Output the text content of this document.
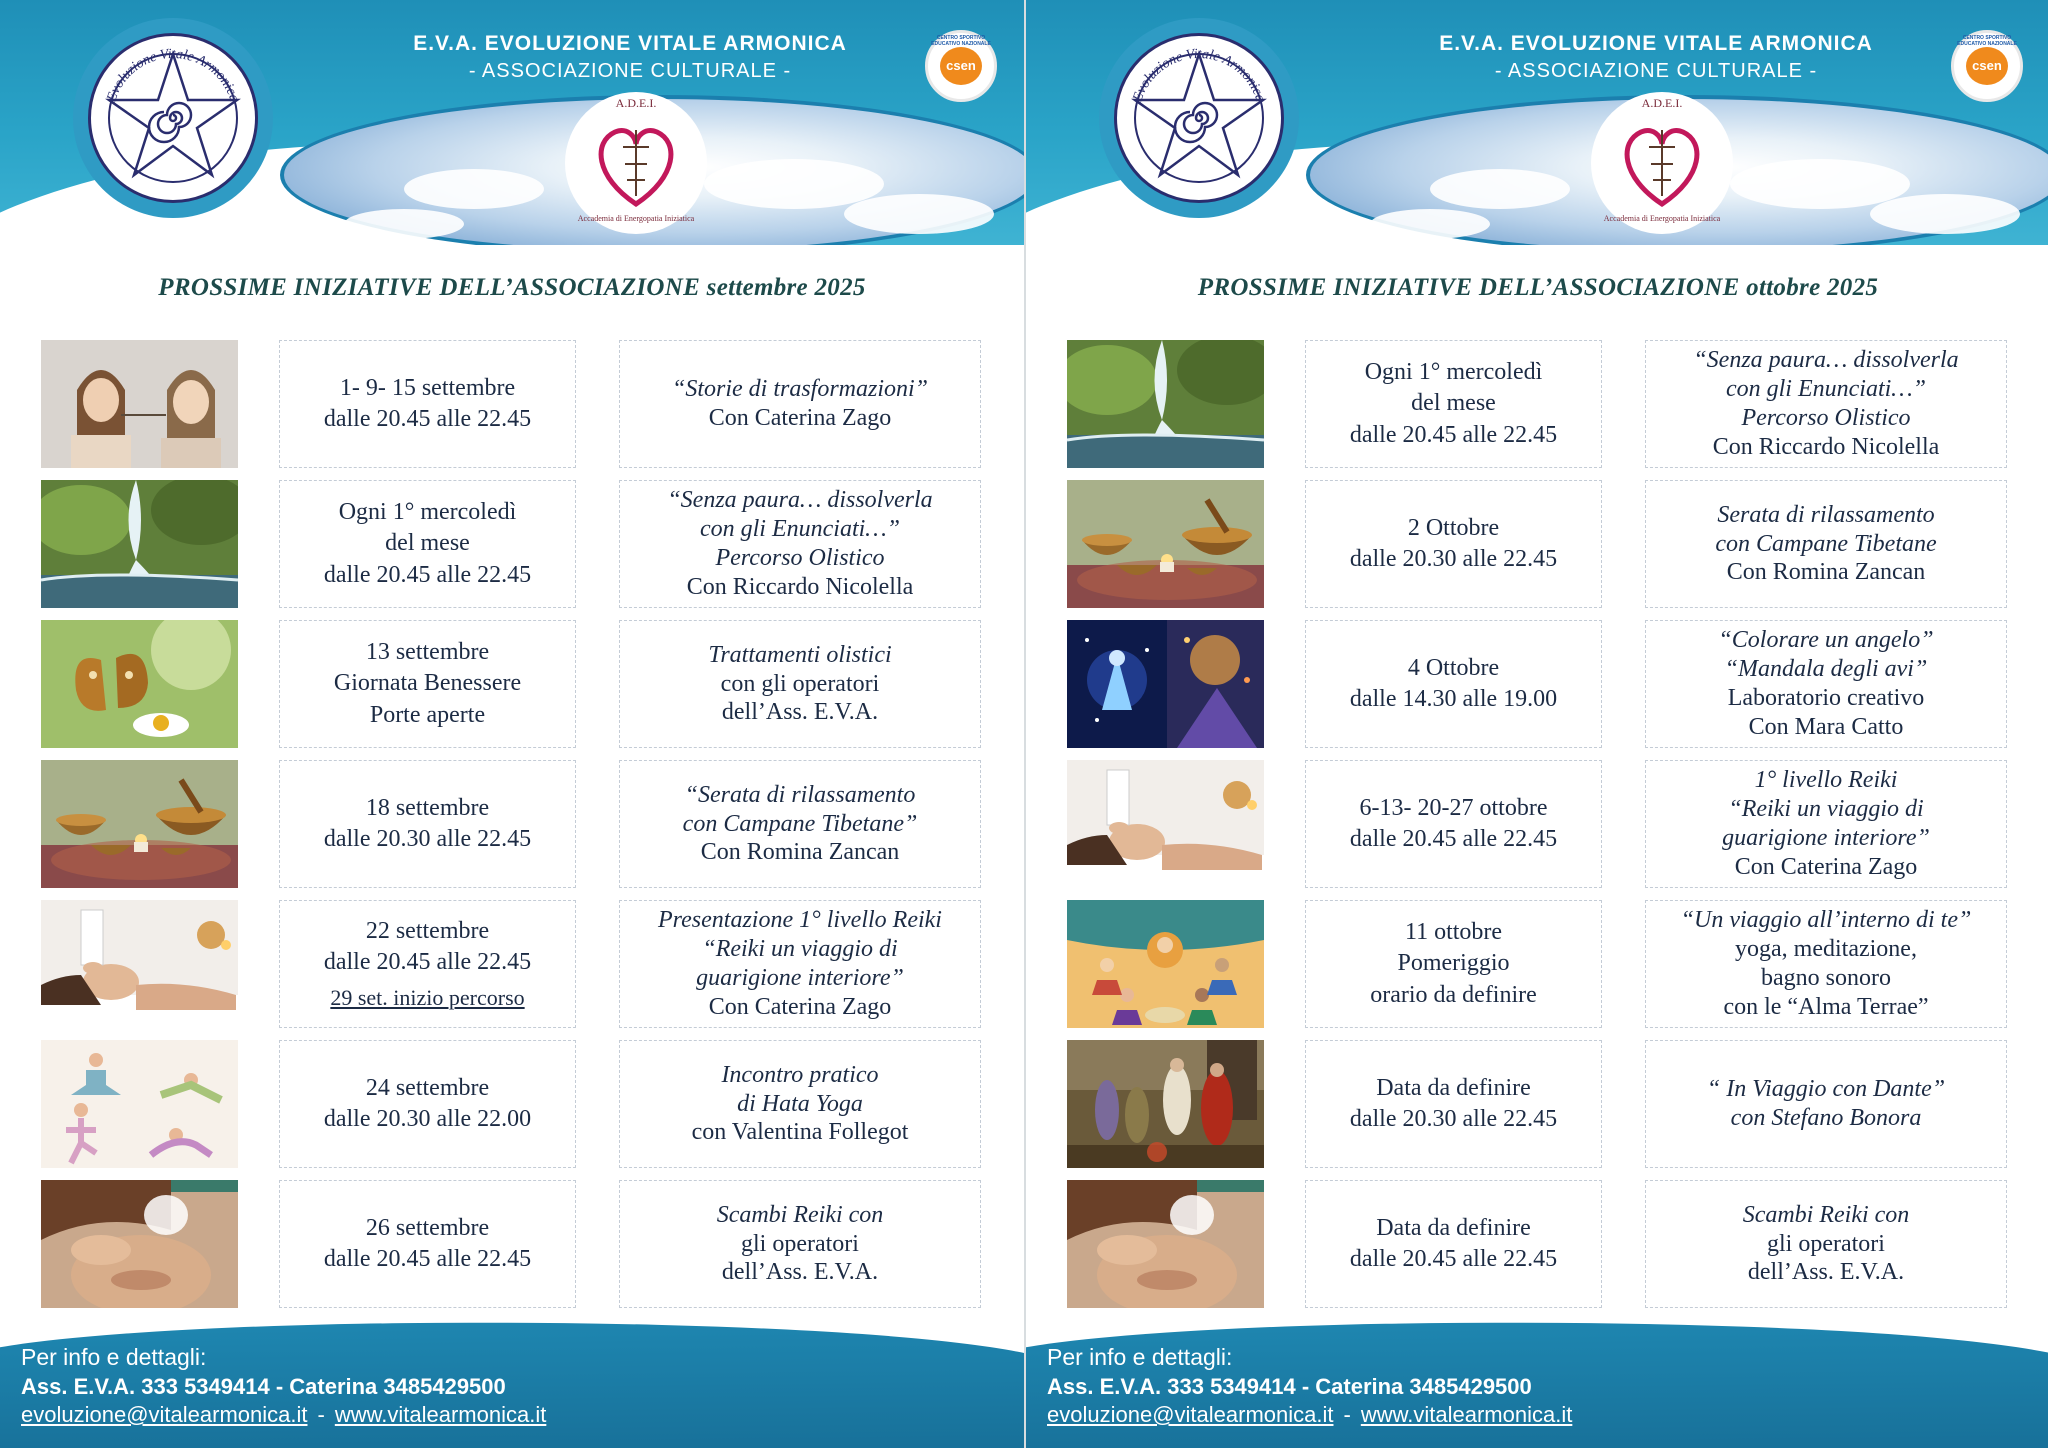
Evoluzione Vitale Armonica
E.V.A. EVOLUZIONE VITALE ARMONICA
- ASSOCIAZIONE CULTURALE -
A.D.E.I.
Accademia di Energopatia Iniziatica
CENTRO SPORTIVO EDUCATIVO NAZIONALE
csen
PROSSIME INIZIATIVE DELL’ASSOCIAZIONE settembre 2025
1- 9- 15 settembre
dalle 20.45 alle 22.45
“Storie di trasformazioni”
Con Caterina Zago
Ogni 1° mercoledì
del mese
dalle 20.45 alle 22.45
“Senza paura… dissolverla
con gli Enunciati…”
Percorso Olistico
Con Riccardo Nicolella
13 settembre
Giornata Benessere
Porte aperte
Trattamenti olistici
con gli operatori
dell’Ass. E.V.A.
18 settembre
dalle 20.30 alle 22.45
“Serata di rilassamento
con Campane Tibetane”
Con Romina Zancan
22 settembre
dalle 20.45 alle 22.45
29 set. inizio percorso
Presentazione 1° livello Reiki
“Reiki un viaggio di
guarigione interiore”
Con Caterina Zago
24 settembre
dalle 20.30 alle 22.00
Incontro pratico
di Hata Yoga
con Valentina Follegot
26 settembre
dalle 20.45 alle 22.45
Scambi Reiki con
gli operatori
dell’Ass. E.V.A.
Per info e dettagli:
Ass. E.V.A. 333 5349414 - Caterina 3485429500
evoluzione@vitalearmonica.it - www.vitalearmonica.it
Evoluzione Vitale Armonica
E.V.A. EVOLUZIONE VITALE ARMONICA
- ASSOCIAZIONE CULTURALE -
A.D.E.I.
Accademia di Energopatia Iniziatica
CENTRO SPORTIVO EDUCATIVO NAZIONALE
csen
PROSSIME INIZIATIVE DELL’ASSOCIAZIONE ottobre 2025
Ogni 1° mercoledì
del mese
dalle 20.45 alle 22.45
“Senza paura… dissolverla
con gli Enunciati…”
Percorso Olistico
Con Riccardo Nicolella
2 Ottobre
dalle 20.30 alle 22.45
Serata di rilassamento
con Campane Tibetane
Con Romina Zancan
4 Ottobre
dalle 14.30 alle 19.00
“Colorare un angelo”
“Mandala degli avi”
Laboratorio creativo
Con Mara Catto
6-13- 20-27 ottobre
dalle 20.45 alle 22.45
1° livello Reiki
“Reiki un viaggio di
guarigione interiore”
Con Caterina Zago
11 ottobre
Pomeriggio
orario da definire
“Un viaggio all’interno di te”
yoga, meditazione,
bagno sonoro
con le “Alma Terrae”
Data da definire
dalle 20.30 alle 22.45
“ In Viaggio con Dante”
con Stefano Bonora
Data da definire
dalle 20.45 alle 22.45
Scambi Reiki con
gli operatori
dell’Ass. E.V.A.
Per info e dettagli:
Ass. E.V.A. 333 5349414 - Caterina 3485429500
evoluzione@vitalearmonica.it - www.vitalearmonica.it
